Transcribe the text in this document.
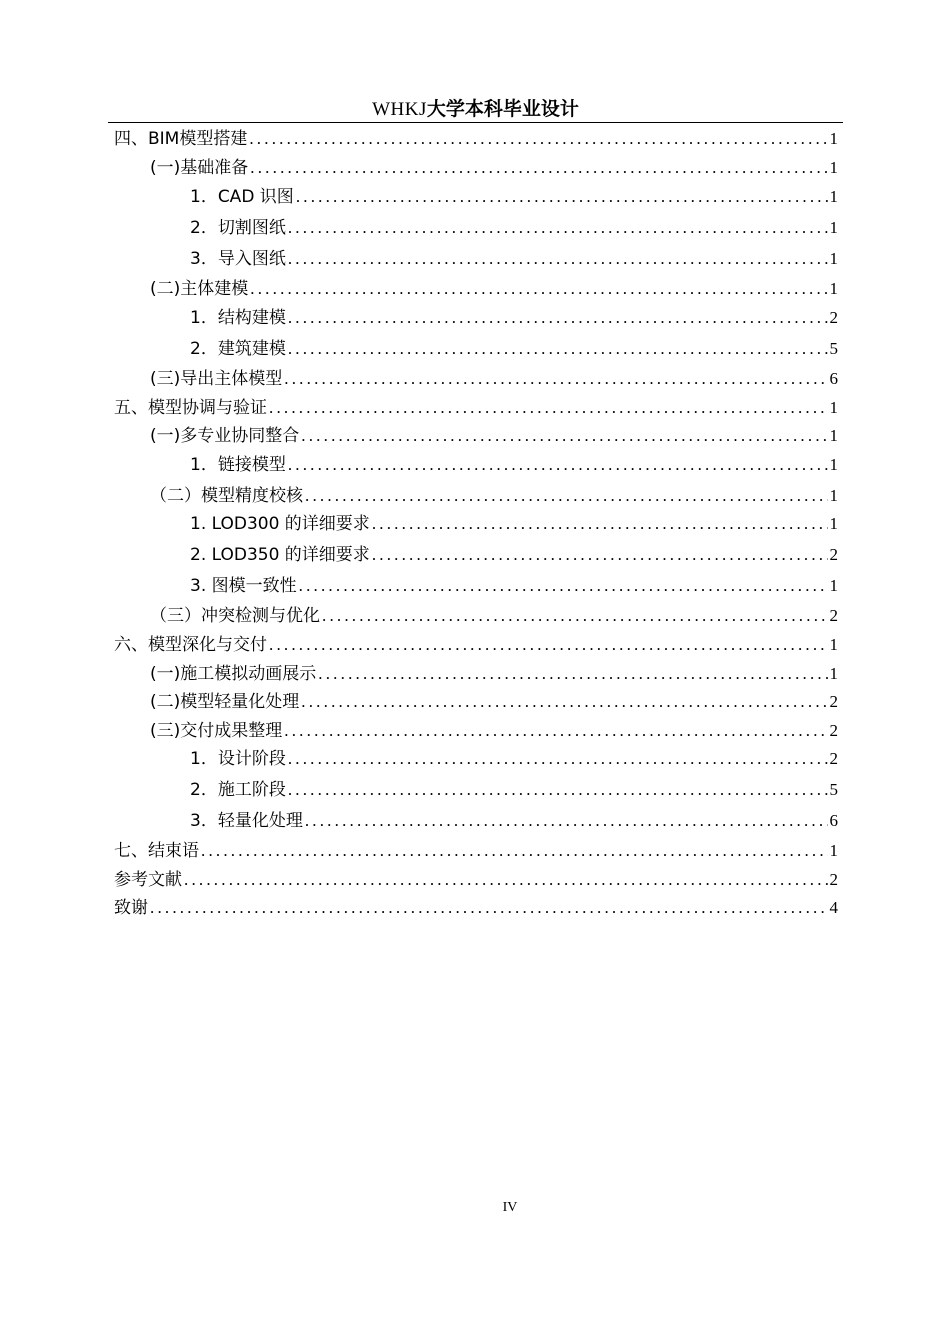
WHKJ大学本科毕业设计
四、BIM模型搭建 .....	1
(一)基础准备 .....	1
1．CAD 识图 .....	1
2．切割图纸 .....	1
3．导入图纸 .....	1
(二)主体建模 .....	1
1．结构建模 .....	2
2．建筑建模 .....	5
(三)导出主体模型 .....	6
五、模型协调与验证 .....	1
(一)多专业协同整合 .....	1
1．链接模型 .....	1
（二）模型精度校核 .....	1
1. LOD300 的详细要求 .....	1
2. LOD350 的详细要求 .....	2
3. 图模一致性 .....	1
（三）冲突检测与优化 .....	2
六、模型深化与交付 .....	1
(一)施工模拟动画展示 .....	1
(二)模型轻量化处理 .....	2
(三)交付成果整理 .....	2
1．设计阶段 .....	2
2．施工阶段 .....	5
3．轻量化处理 .....	6
七、结束语 .....	1
参考文献 .....	2
致谢 .....	4
IV
